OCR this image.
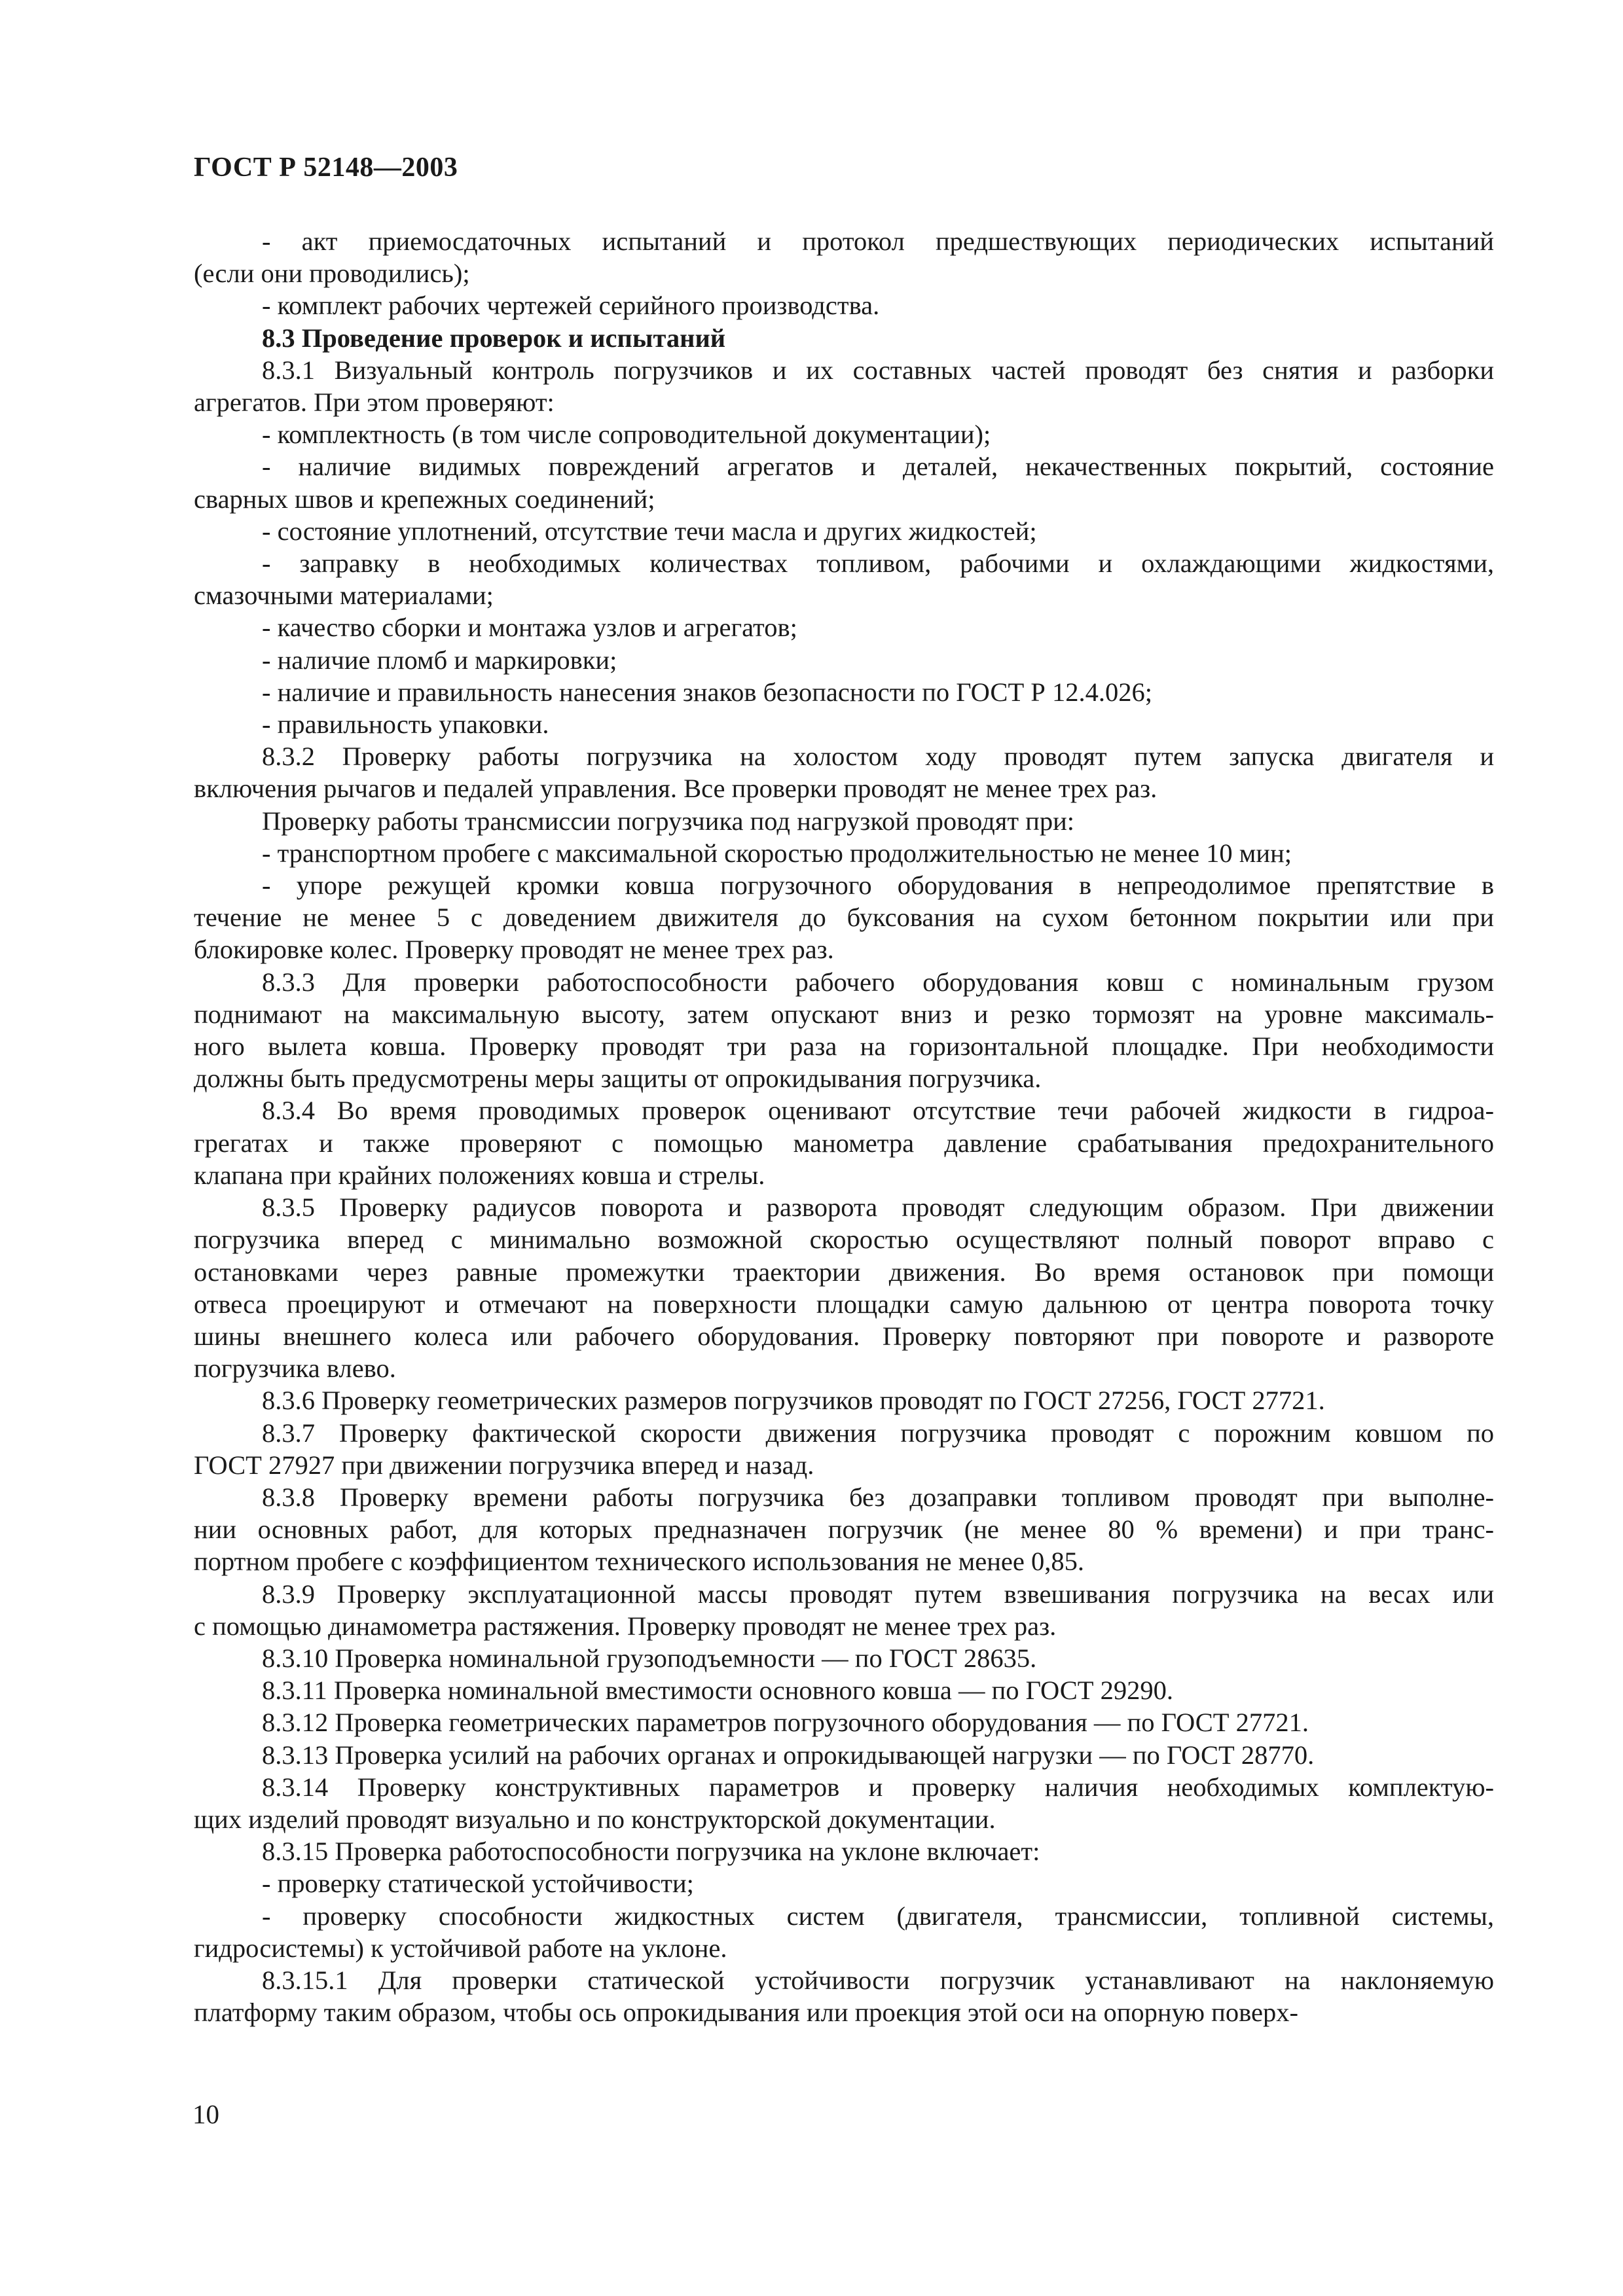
ГОСТ Р 52148—2003
- акт приемосдаточных испытаний и протокол предшествующих периодических испытаний
(если они проводились);
- комплект рабочих чертежей серийного производства.
8.3 Проведение проверок и испытаний
8.3.1 Визуальный контроль погрузчиков и их составных частей проводят без снятия и разборки
агрегатов. При этом проверяют:
- комплектность (в том числе сопроводительной документации);
- наличие видимых повреждений агрегатов и деталей, некачественных покрытий, состояние
сварных швов и крепежных соединений;
- состояние уплотнений, отсутствие течи масла и других жидкостей;
- заправку в необходимых количествах топливом, рабочими и охлаждающими жидкостями,
смазочными материалами;
- качество сборки и монтажа узлов и агрегатов;
- наличие пломб и маркировки;
- наличие и правильность нанесения знаков безопасности по ГОСТ Р 12.4.026;
- правильность упаковки.
8.3.2 Проверку работы погрузчика на холостом ходу проводят путем запуска двигателя и
включения рычагов и педалей управления. Все проверки проводят не менее трех раз.
Проверку работы трансмиссии погрузчика под нагрузкой проводят при:
- транспортном пробеге с максимальной скоростью продолжительностью не менее 10 мин;
- упоре режущей кромки ковша погрузочного оборудования в непреодолимое препятствие в
течение не менее 5 с доведением движителя до буксования на сухом бетонном покрытии или при
блокировке колес. Проверку проводят не менее трех раз.
8.3.3 Для проверки работоспособности рабочего оборудования ковш с номинальным грузом
поднимают на максимальную высоту, затем опускают вниз и резко тормозят на уровне максималь-
ного вылета ковша. Проверку проводят три раза на горизонтальной площадке. При необходимости
должны быть предусмотрены меры защиты от опрокидывания погрузчика.
8.3.4 Во время проводимых проверок оценивают отсутствие течи рабочей жидкости в гидроа-
грегатах и также проверяют с помощью манометра давление срабатывания предохранительного
клапана при крайних положениях ковша и стрелы.
8.3.5 Проверку радиусов поворота и разворота проводят следующим образом. При движении
погрузчика вперед с минимально возможной скоростью осуществляют полный поворот вправо с
остановками через равные промежутки траектории движения. Во время остановок при помощи
отвеса проецируют и отмечают на поверхности площадки самую дальнюю от центра поворота точку
шины внешнего колеса или рабочего оборудования. Проверку повторяют при повороте и развороте
погрузчика влево.
8.3.6 Проверку геометрических размеров погрузчиков проводят по ГОСТ 27256, ГОСТ 27721.
8.3.7 Проверку фактической скорости движения погрузчика проводят с порожним ковшом по
ГОСТ 27927 при движении погрузчика вперед и назад.
8.3.8 Проверку времени работы погрузчика без дозаправки топливом проводят при выполне-
нии основных работ, для которых предназначен погрузчик (не менее 80 % времени) и при транс-
портном пробеге с коэффициентом технического использования не менее 0,85.
8.3.9 Проверку эксплуатационной массы проводят путем взвешивания погрузчика на весах или
с помощью динамометра растяжения. Проверку проводят не менее трех раз.
8.3.10 Проверка номинальной грузоподъемности — по ГОСТ 28635.
8.3.11 Проверка номинальной вместимости основного ковша — по ГОСТ 29290.
8.3.12 Проверка геометрических параметров погрузочного оборудования — по ГОСТ 27721.
8.3.13 Проверка усилий на рабочих органах и опрокидывающей нагрузки — по ГОСТ 28770.
8.3.14 Проверку конструктивных параметров и проверку наличия необходимых комплектую-
щих изделий проводят визуально и по конструкторской документации.
8.3.15 Проверка работоспособности погрузчика на уклоне включает:
- проверку статической устойчивости;
- проверку способности жидкостных систем (двигателя, трансмиссии, топливной системы,
гидросистемы) к устойчивой работе на уклоне.
8.3.15.1 Для проверки статической устойчивости погрузчик устанавливают на наклоняемую
платформу таким образом, чтобы ось опрокидывания или проекция этой оси на опорную поверх-
10
